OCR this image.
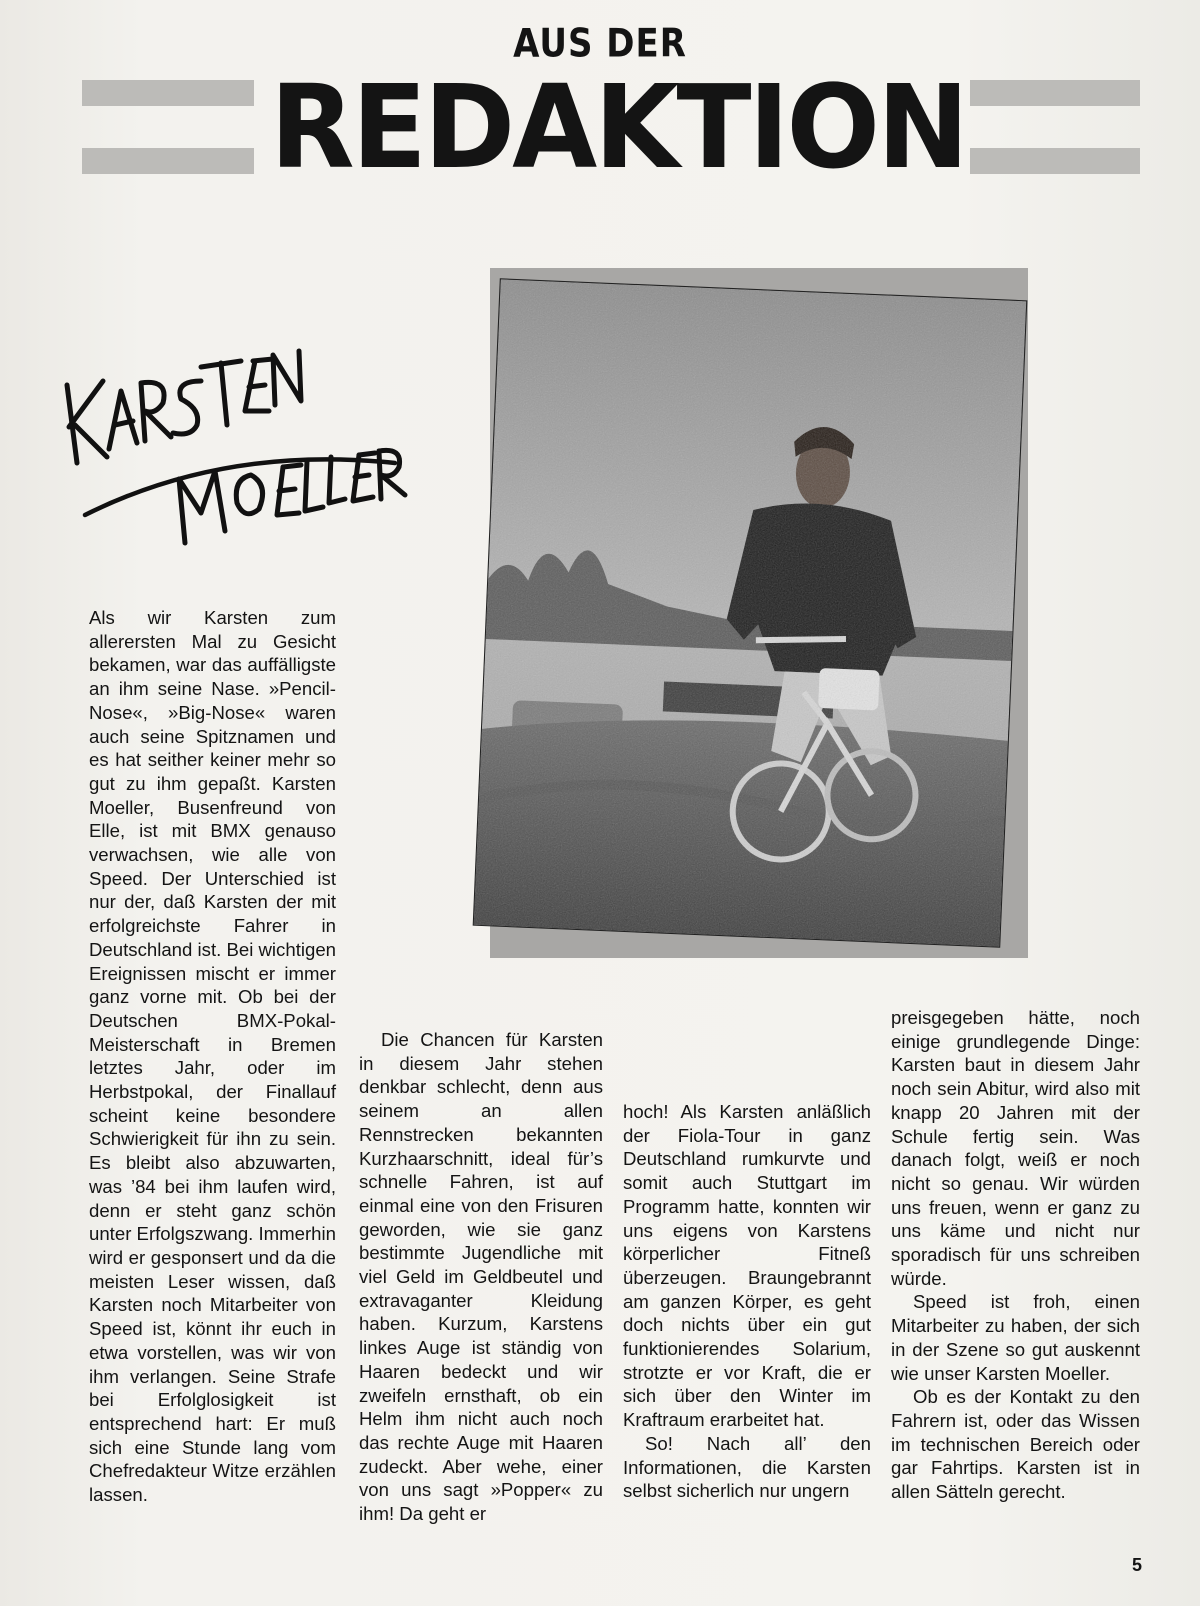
AUS DER
REDAKTION

Als wir Karsten zum allerersten Mal zu Gesicht bekamen, war das auffälligste an ihm seine Nase. »Pencil-Nose«, »Big-Nose« waren auch seine Spitznamen und es hat seither keiner mehr so gut zu ihm gepaßt. Karsten Moeller, Busenfreund von Elle, ist mit BMX genauso verwachsen, wie alle von Speed. Der Unterschied ist nur der, daß Karsten der mit erfolgreichste Fahrer in Deutschland ist. Bei wichtigen Ereignissen mischt er immer ganz vorne mit. Ob bei der Deutschen BMX-Pokal-Meisterschaft in Bremen letztes Jahr, oder im Herbstpokal, der Finallauf scheint keine besondere Schwierigkeit für ihn zu sein. Es bleibt also abzuwarten, was ’84 bei ihm laufen wird, denn er steht ganz schön unter Erfolgszwang. Immerhin wird er gesponsert und da die meisten Leser wissen, daß Karsten noch Mitarbeiter von Speed ist, könnt ihr euch in etwa vorstellen, was wir von ihm verlangen. Seine Strafe bei Erfolglosigkeit ist entsprechend hart: Er muß sich eine Stunde lang vom Chefredakteur Witze erzählen lassen.

Die Chancen für Karsten in diesem Jahr stehen denkbar schlecht, denn aus seinem an allen Rennstrecken bekannten Kurzhaarschnitt, ideal für’s schnelle Fahren, ist auf einmal eine von den Frisuren geworden, wie sie ganz bestimmte Jugendliche mit viel Geld im Geldbeutel und extravaganter Kleidung haben. Kurzum, Karstens linkes Auge ist ständig von Haaren bedeckt und wir zweifeln ernsthaft, ob ein Helm ihm nicht auch noch das rechte Auge mit Haaren zudeckt. Aber wehe, einer von uns sagt »Popper« zu ihm! Da geht er

hoch! Als Karsten anläßlich der Fiola-Tour in ganz Deutschland rumkurvte und somit auch Stuttgart im Programm hatte, konnten wir uns eigens von Karstens körperlicher Fitneß überzeugen. Braungebrannt am ganzen Körper, es geht doch nichts über ein gut funktionierendes Solarium, strotzte er vor Kraft, die er sich über den Winter im Kraftraum erarbeitet hat.

So! Nach all’ den Informationen, die Karsten selbst sicherlich nur ungern

preisgegeben hätte, noch einige grundlegende Dinge: Karsten baut in diesem Jahr noch sein Abitur, wird also mit knapp 20 Jahren mit der Schule fertig sein. Was danach folgt, weiß er noch nicht so genau. Wir würden uns freuen, wenn er ganz zu uns käme und nicht nur sporadisch für uns schreiben würde.

Speed ist froh, einen Mitarbeiter zu haben, der sich in der Szene so gut auskennt wie unser Karsten Moeller.

Ob es der Kontakt zu den Fahrern ist, oder das Wissen im technischen Bereich oder gar Fahrtips. Karsten ist in allen Sätteln gerecht.

5
